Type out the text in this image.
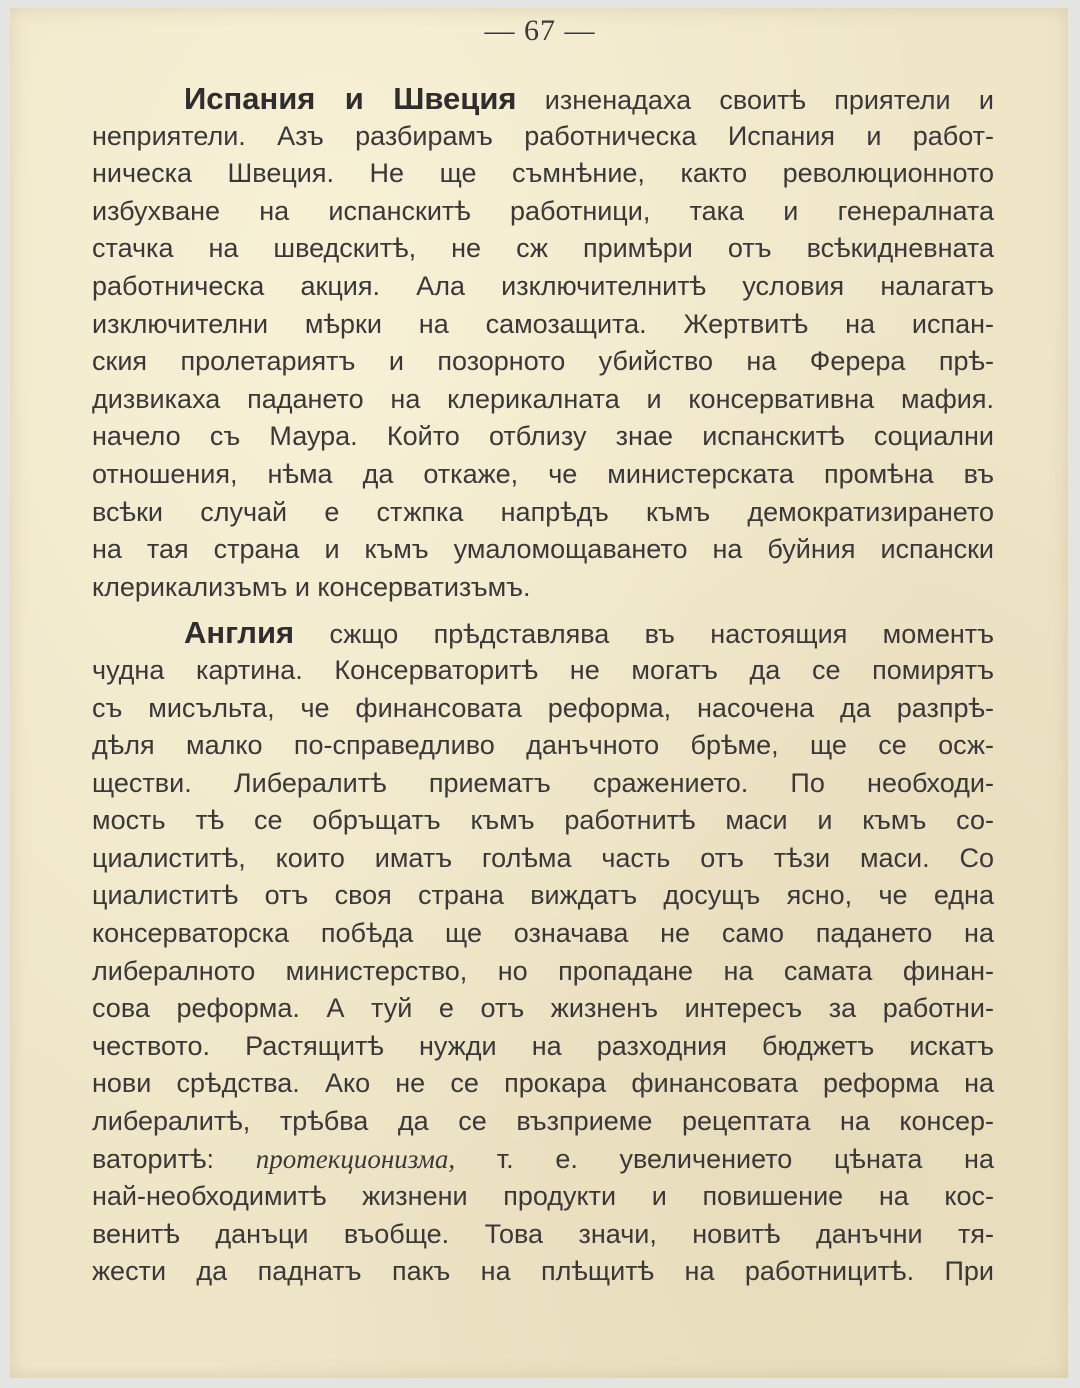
— 67 —
Испания и Швеция изненадаха своитѣ приятели и
неприятели. Азъ разбирамъ работническа Испания и работ-
ническа Швеция. Не ще съмнѣние, както революционното
избухване на испанскитѣ работници, така и генералната
стачка на шведскитѣ, не сж примѣри отъ всѣкидневната
работническа акция. Ала изключителнитѣ условия налагатъ
изключителни мѣрки на самозащита. Жертвитѣ на испан-
ския пролетариятъ и позорното убийство на Ферера прѣ-
дизвикаха падането на клерикалната и консервативна мафия.
начело съ Маура. Който отблизу знае испанскитѣ социални
отношения, нѣма да откаже, че министерската промѣна въ
всѣки случай е стжпка напрѣдъ къмъ демократизирането
на тая страна и къмъ умаломощаването на буйния испански
клерикализъмъ и консерватизъмъ.
Англия сжщо прѣдставлява въ настоящия моментъ
чудна картина. Консерваторитѣ не могатъ да се помирятъ
съ мисъльта, че финансовата реформа, насочена да разпрѣ-
дѣля малко по-справедливо данъчното брѣме, ще се осж-
ществи. Либералитѣ приематъ сражението. По необходи-
мость тѣ се обръщатъ къмъ работнитѣ маси и къмъ со-
циалиститѣ, които иматъ голѣма часть отъ тѣзи маси. Со
циалиститѣ отъ своя страна виждатъ досущъ ясно, че една
консерваторска побѣда ще означава не само падането на
либералното министерство, но пропадане на самата финан-
сова реформа. А туй е отъ жизненъ интересъ за работни-
чеството. Растящитѣ нужди на разходния бюджетъ искатъ
нови срѣдства. Ако не се прокара финансовата реформа на
либералитѣ, трѣбва да се възприеме рецептата на консер-
ваторитѣ: протекционизма, т. е. увеличението цѣната на
най-необходимитѣ жизнени продукти и повишение на кос-
венитѣ данъци въобще. Това значи, новитѣ данъчни тя-
жести да паднатъ пакъ на плѣщитѣ на работницитѣ. При
